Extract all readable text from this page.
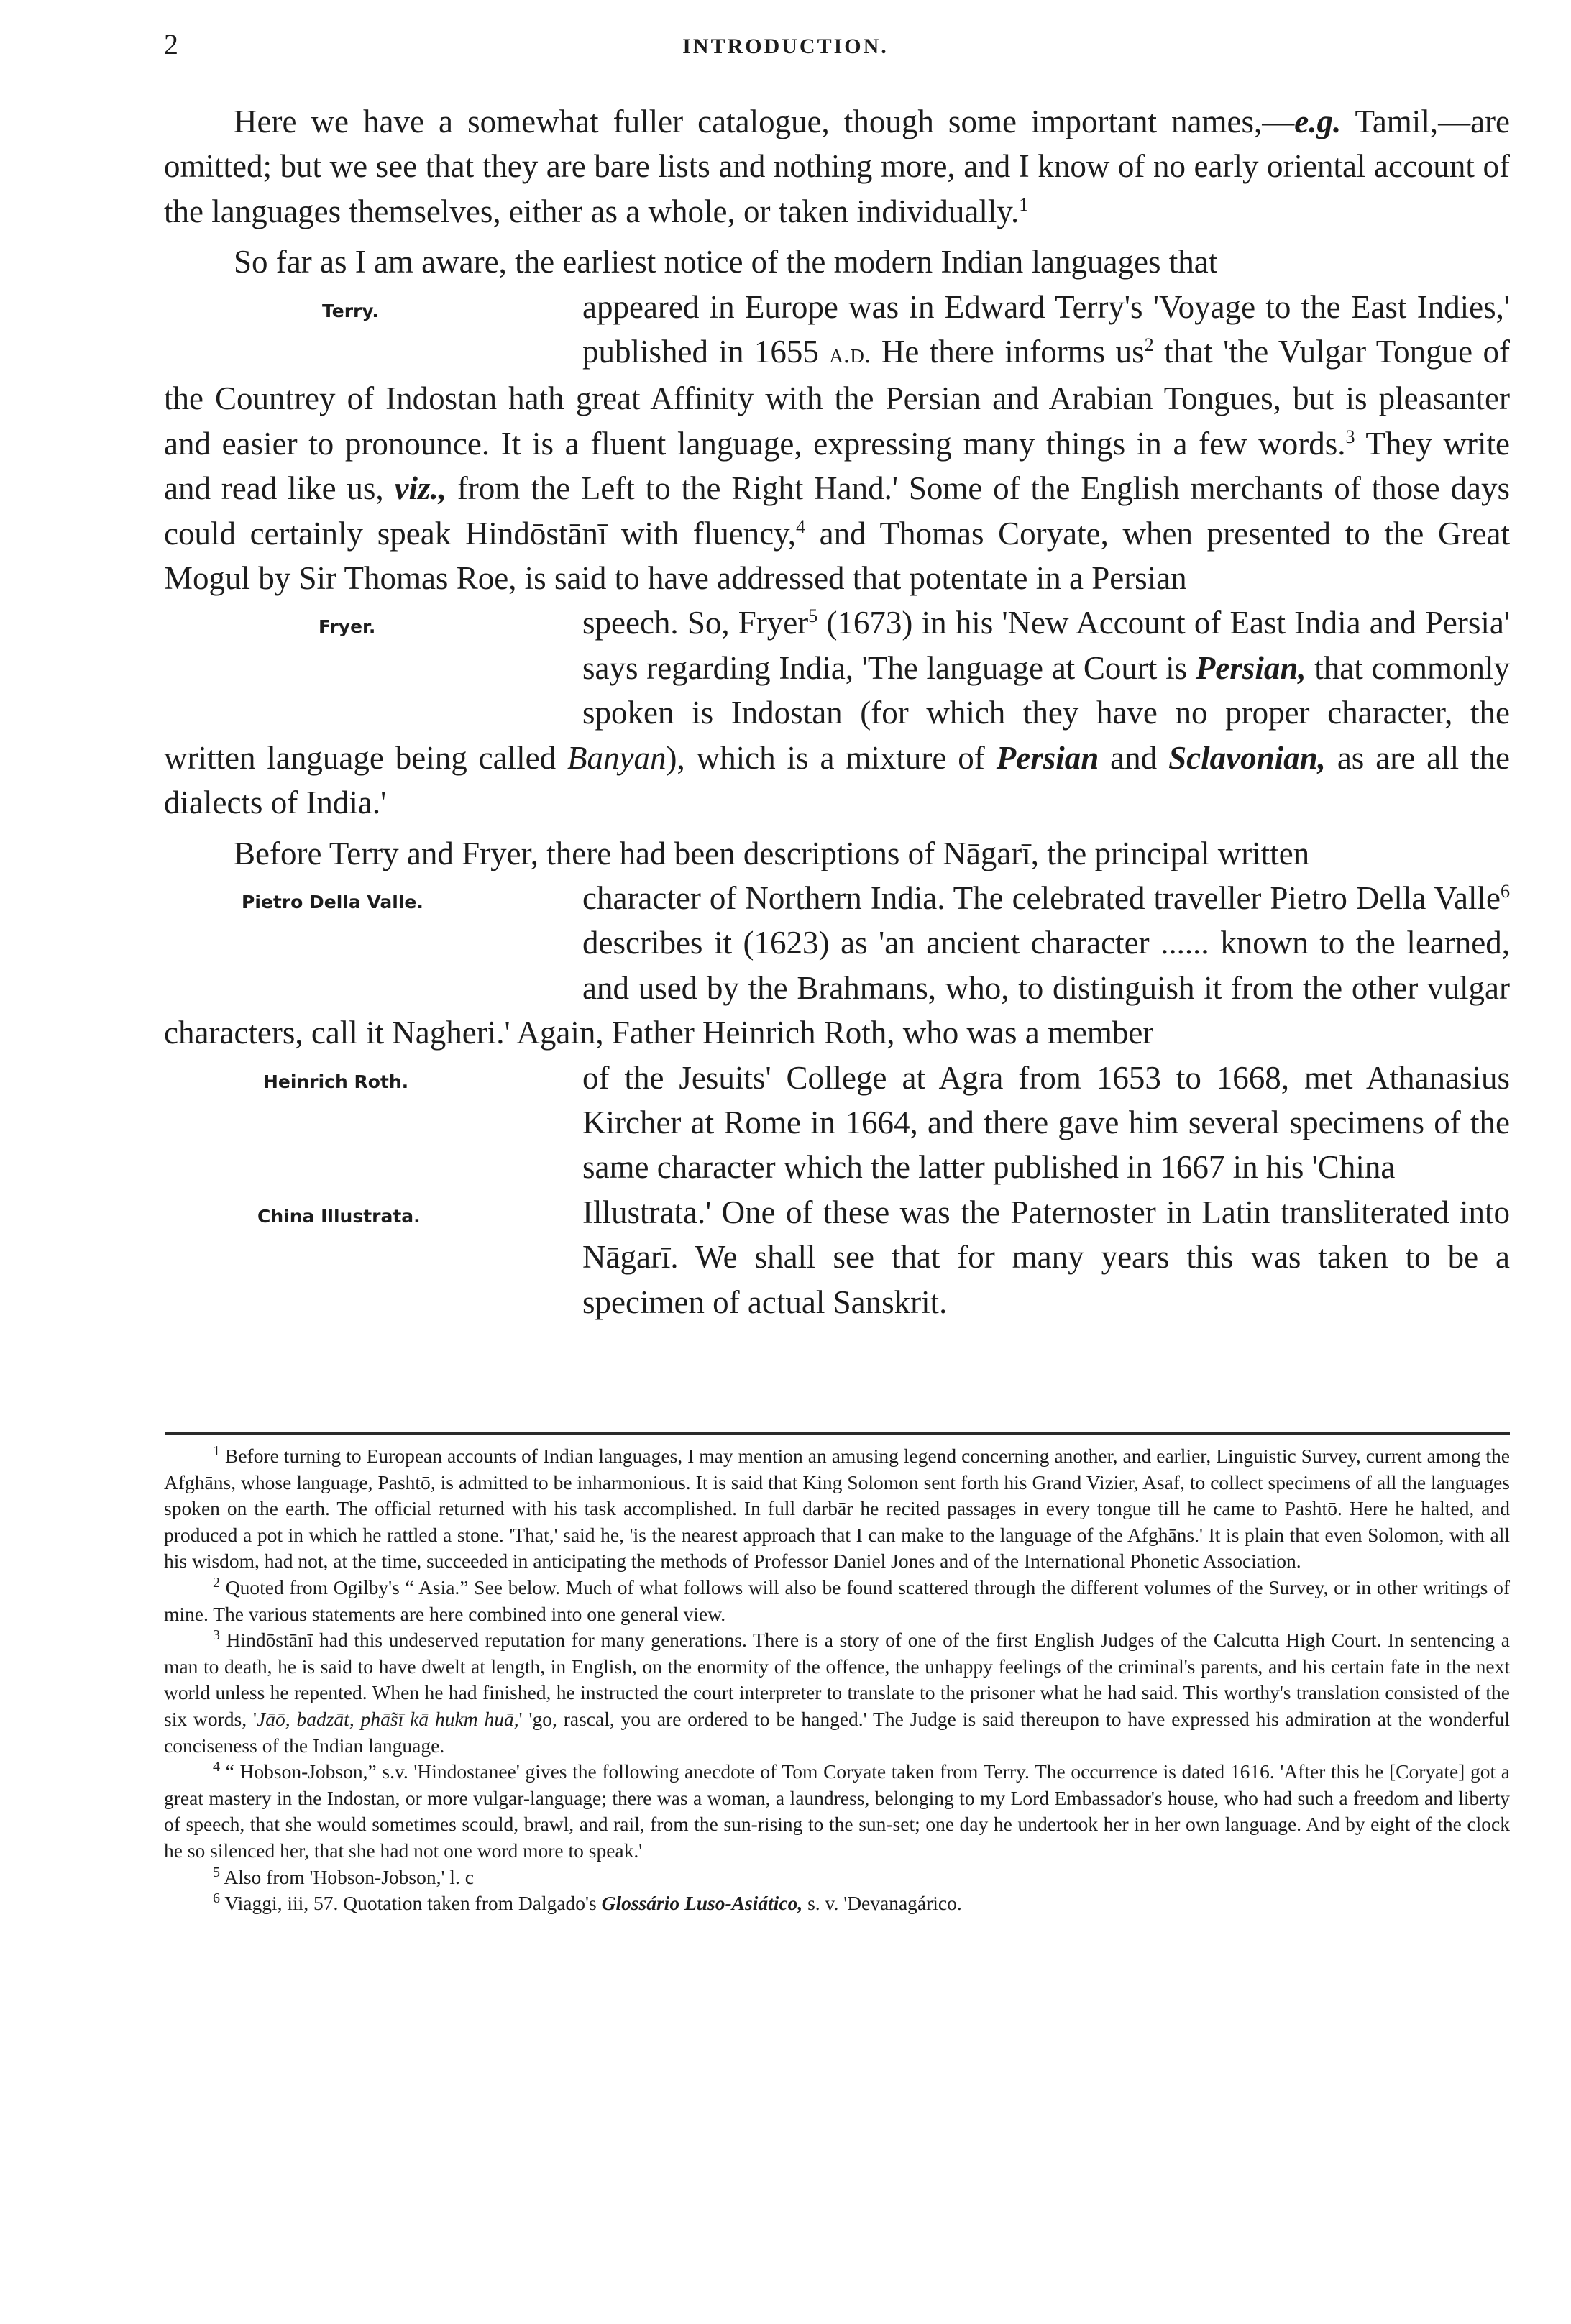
2	INTRODUCTION.

Here we have a somewhat fuller catalogue, though some important names,—e.g. Tamil,—are omitted; but we see that they are bare lists and nothing more, and I know of no early oriental account of the languages themselves, either as a whole, or taken individually.$^1$

So far as I am aware, the earliest notice of the modern Indian languages that
Terry.	appeared in Europe was in Edward Terry's 'Voyage to the East Indies,' published in 1655 a.d. He there informs $us^2$ that 'the Vulgar Tongue of the Countrey of Indostan hath great Affinity with the Persian and Arabian Tongues, but is pleasanter and easier to pronounce. It is a fluent language, expressing many things in a few words.$^3$ They write and read like us, viz., from the Left to the Right Hand.' Some of the English merchants of those days could certainly speak Hindōstānī with fluency,$^4$ and Thomas Coryate, when presented to the Great Mogul by Sir Thomas Roe, is said to have addressed that potentate in a Persian
Fryer.	speech. So, Fryer$^5$ (1673) in his 'New Account of East India and Persia' says regarding India, 'The language at Court is Persian, that commonly spoken is Indostan (for which they have no proper character, the written language being called Banyan), which is a mixture of Persian and Sclavonian, as are all the dialects of India.'

Before Terry and Fryer, there had been descriptions of Nāgarī, the principal written
Pietro Della Valle.	character of Northern India. The celebrated traveller Pietro Della Valle$^6$ describes it (1623) as 'an ancient character ...... known to the learned, and used by the Brahmans, who, to distinguish it from the other vulgar characters, call it Nagheri.' Again, Father Heinrich Roth, who was a member
Heinrich Roth.	of the Jesuits' College at Agra from 1653 to 1668, met Athanasius Kircher at Rome in 1664, and there gave him several specimens of the same character which the latter published in 1667 in his 'China
China Illustrata.	Illustrata.' One of these was the Paternoster in Latin transliterated into Nāgarī. We shall see that for many years this was taken to be a specimen of actual Sanskrit.

$^1$ Before turning to European accounts of Indian languages, I may mention an amusing legend concerning another, and earlier, Linguistic Survey, current among the Afghāns, whose language, Pashtō, is admitted to be inharmonious. It is said that King Solomon sent forth his Grand Vizier, Asaf, to collect specimens of all the languages spoken on the earth. The official returned with his task accomplished. In full darbār he recited passages in every tongue till he came to Pashtō. Here he halted, and produced a pot in which he rattled a stone. 'That,' said he, 'is the nearest approach that I can make to the language of the Afghāns.' It is plain that even Solomon, with all his wisdom, had not, at the time, succeeded in anticipating the methods of Professor Daniel Jones and of the International Phonetic Association.

$^2$ Quoted from Ogilby's “ Asia.” See below. Much of what follows will also be found scattered through the different volumes of the Survey, or in other writings of mine. The various statements are here combined into one general view.

$^3$ Hindōstānī had this undeserved reputation for many generations. There is a story of one of the first English Judges of the Calcutta High Court. In sentencing a man to death, he is said to have dwelt at length, in English, on the enormity of the offence, the unhappy feelings of the criminal's parents, and his certain fate in the next world unless he repented. When he had finished, he instructed the court interpreter to translate to the prisoner what he had said. This worthy's translation consisted of the six words, 'Jāō, badzāt, phā̃sī kā hukm huā,' 'go, rascal, you are ordered to be hanged.' The Judge is said thereupon to have expressed his admiration at the wonderful conciseness of the Indian language.

$^4$ “ Hobson-Jobson,” s.v. 'Hindostanee' gives the following anecdote of Tom Coryate taken from Terry. The occurrence is dated 1616. 'After this he [Coryate] got a great mastery in the Indostan, or more vulgar-language; there was a woman, a laundress, belonging to my Lord Embassador's house, who had such a freedom and liberty of speech, that she would sometimes scould, brawl, and rail, from the sun-rising to the sun-set; one day he undertook her in her own language. And by eight of the clock he so silenced her, that she had not one word more to speak.'

$^5$ Also from 'Hobson-Jobson,' l. c

$^6$ Viaggi, iii, 57. Quotation taken from Dalgado's Glossário Luso-Asiático, s. v. 'Devanagárico.
